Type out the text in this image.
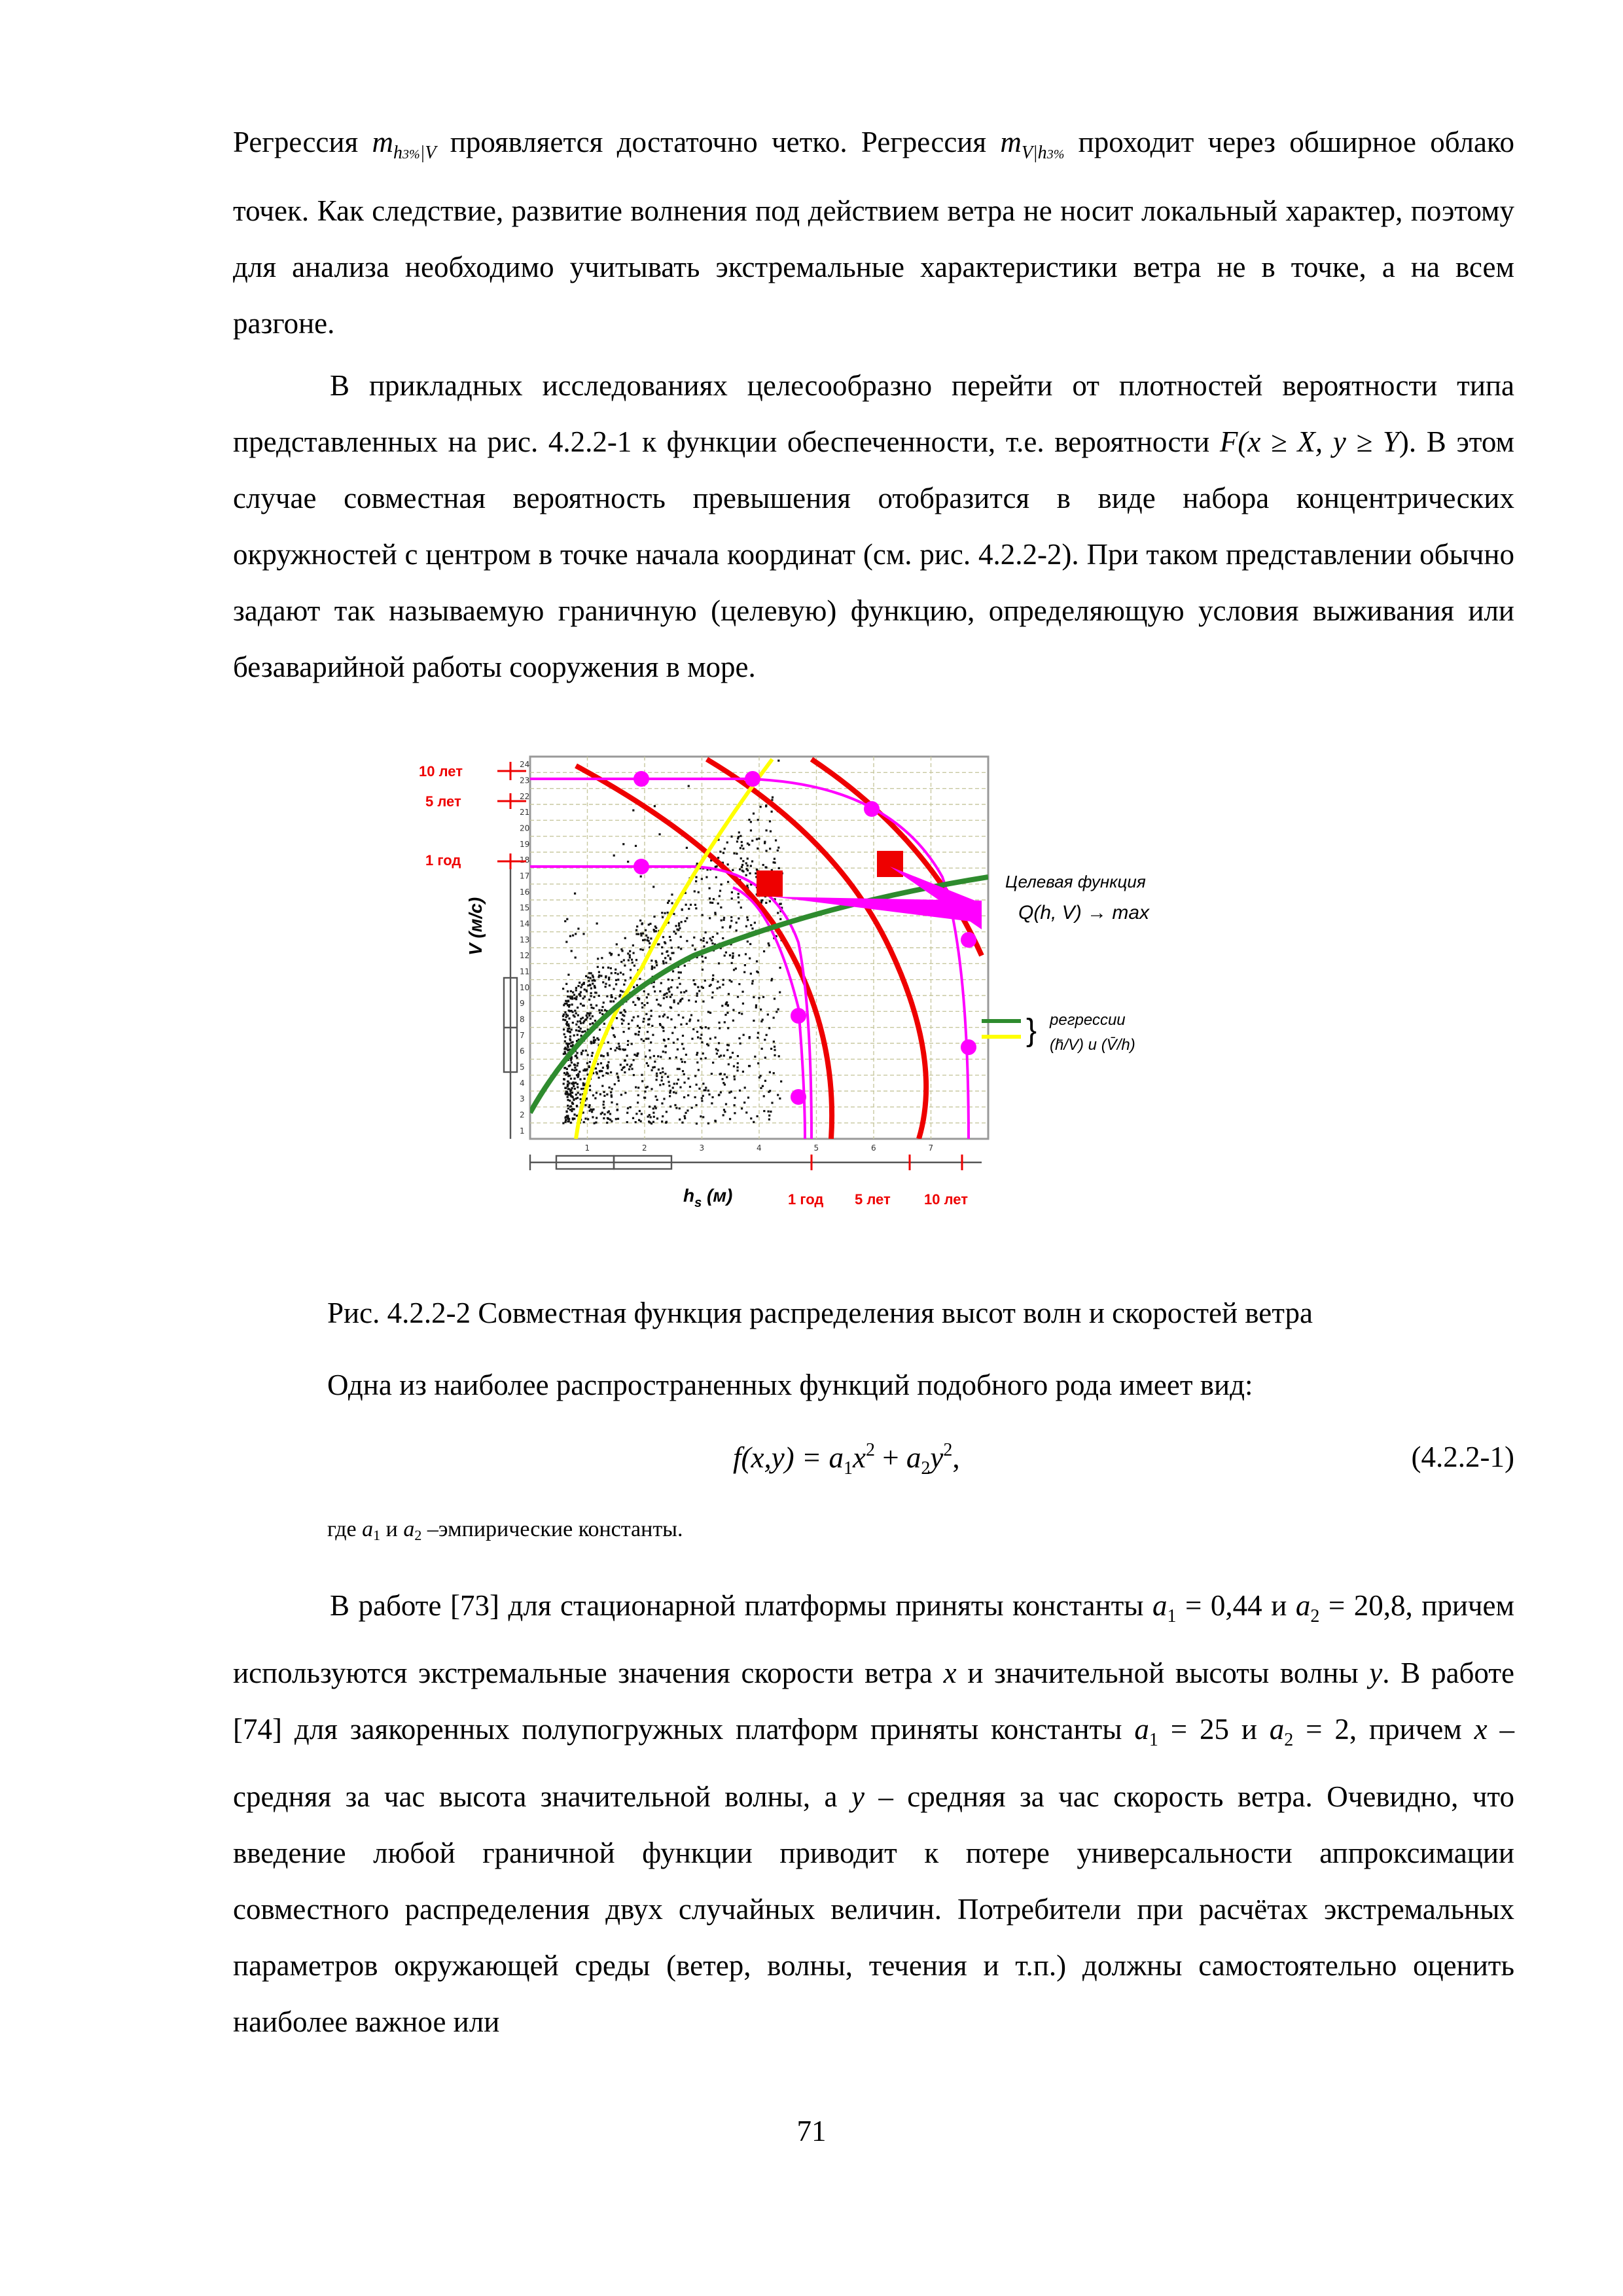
Регрессия $m_{h3\%|V}$ проявляется достаточно четко. Регрессия $m_{V|h3\%}$ проходит через обширное облако точек. Как следствие, развитие волнения под действием ветра не носит локальный характер, поэтому для анализа необходимо учитывать экстремальные характеристики ветра не в точке, а на всем разгоне.

В прикладных исследованиях целесообразно перейти от плотностей вероятности типа представленных на рис. 4.2.2-1 к функции обеспеченности, т.е. вероятности F(x ≥ X, y ≥ Y). В этом случае совместная вероятность превышения отобразится в виде набора концентрических окружностей с центром в точке начала координат (см. рис. 4.2.2-2). При таком представлении обычно задают так называемую граничную (целевую) функцию, определяющую условия выживания или безаварийной работы сооружения в море.

1
2
3
4
5
6
7
8
9
10
11
12
13
14
15
16
17
18
19
20
21
22
23
24
10 лет
5 лет
1 год
V (м/с)
1	2	3	4	5	6	7
$h_s$ (м)	1 год	5 лет	10 лет
Целевая функция
Q(h, V) → max
} регрессии
(h̄/V) и (V̄/h)
Рис. 4.2.2-2 Совместная функция распределения высот волн и скоростей ветра
Одна из наиболее распространенных функций подобного рода имеет вид:
$f(x,y) = a_1x^2 + a_2y^2$,	(4.2.2-1)
где a1 и a2 –эмпирические константы.

В работе [73] для стационарной платформы приняты константы $a_1 = 0,44$ и $a_2 = 20,8$, причем используются экстремальные значения скорости ветра x и значительной высоты волны y. В работе [74] для заякоренных полупогружных платформ приняты константы $a_1 = 25$ и $a_2 = 2$, причем x – средняя за час высота значительной волны, а y – средняя за час скорость ветра. Очевидно, что введение любой граничной функции приводит к потере универсальности аппроксимации совместного распределения двух случайных величин. Потребители при расчётах экстремальных параметров окружающей среды (ветер, волны, течения и т.п.) должны самостоятельно оценить наиболее важное или

71
